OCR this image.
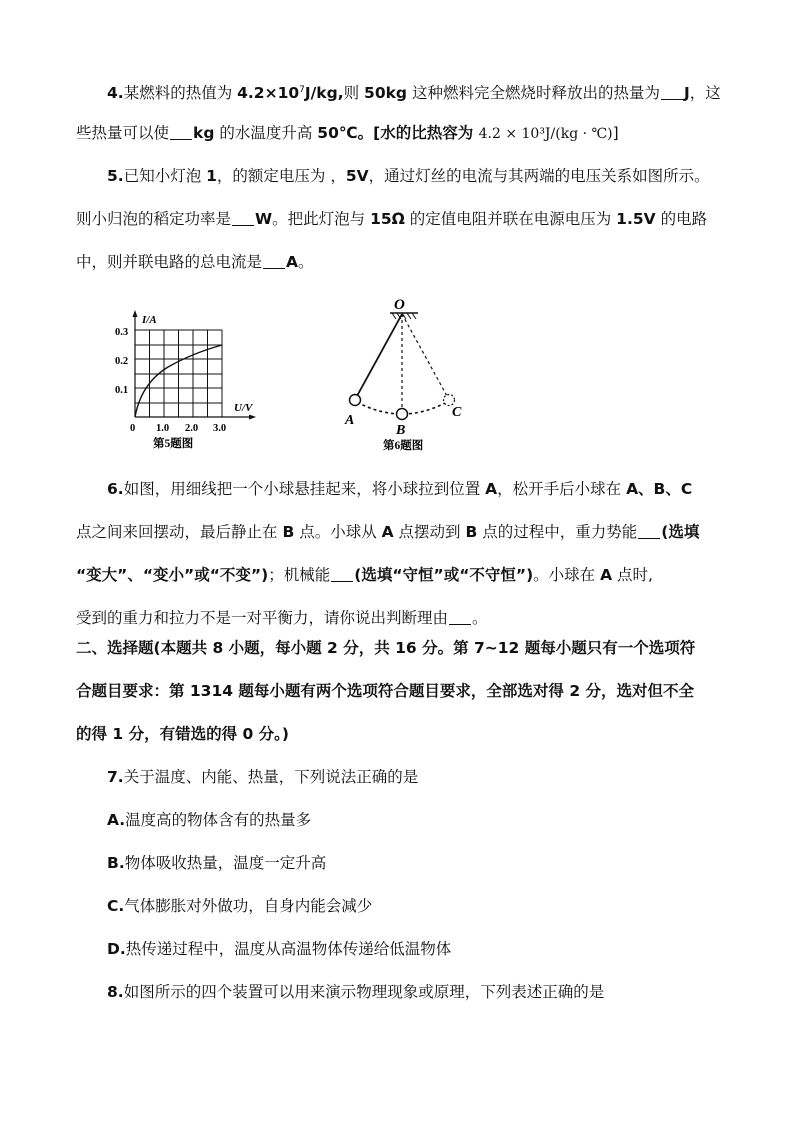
4.某燃料的热值为 $4.2\times 10^7J/kg$,则 50kg 这种燃料完全燃烧时释放出的热量为 J，这
些热量可以使 kg 的水温度升高 50℃。[水的比热容为 4.2 × 10³J/(kg · ℃)]
5.已知小灯泡 1，的额定电压为 ，5V，通过灯丝的电流与其两端的电压关系如图所示。
则小归泡的稻定功率是 W。把此灯泡与 15Ω 的定值电阻并联在电源电压为 1.5V 的电路
中，则并联电路的总电流是 A。
I/A
U/V
0.3
0.2
0.1
0 1.0 2.0 3.0
第5题图
O
A
B
C
第6题图
6.如图，用细线把一个小球悬挂起来，将小球拉到位置 A，松开手后小球在 A、B、C
点之间来回摆动，最后静止在 B 点。小球从 A 点摆动到 B 点的过程中，重力势能 (选填
“变大”、“变小”或“不变”)；机械能 (选填“守恒”或“不守恒”)。小球在 A 点时,
受到的重力和拉力不是一对平衡力，请你说出判断理由 。
二、选择题(本题共 8 小题，每小题 2 分，共 16 分。第 7~12 题每小题只有一个选项符
合题目要求：第 1314 题每小题有两个选项符合题目要求，全部选对得 2 分，选对但不全
的得 1 分，有错选的得 0 分。)
7.关于温度、内能、热量，下列说法正确的是
A.温度高的物体含有的热量多
B.物体吸收热量，温度一定升高
C.气体膨胀对外做功，自身内能会减少
D.热传递过程中，温度从高温物体传递给低温物体
8.如图所示的四个装置可以用来演示物理现象或原理，下列表述正确的是
